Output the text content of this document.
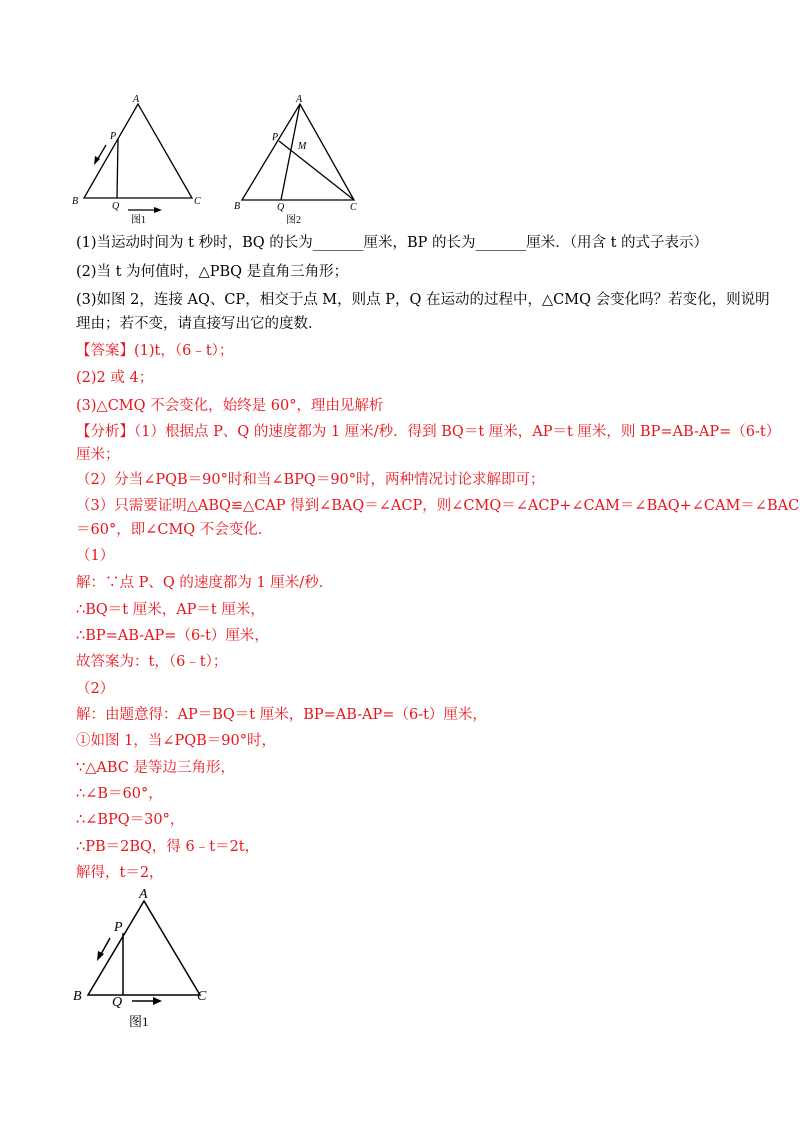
A
P
B	Q	C
图1
A
P
M
B	Q	C
图2
(1)当运动时间为 t 秒时，BQ 的长为_______厘米，BP 的长为_______厘米．（用含 t 的式子表示）
(2)当 t 为何值时，△PBQ 是直角三角形；
(3)如图 2，连接 AQ、CP，相交于点 M，则点 P，Q 在运动的过程中，△CMQ 会变化吗？若变化，则说明
理由；若不变，请直接写出它的度数．
【答案】(1)t，（6﹣t）；
(2)2 或 4；
(3)△CMQ 不会变化，始终是 60°，理由见解析
【分析】（1）根据点 P、Q 的速度都为 1 厘米/秒．得到 BQ＝t 厘米，AP＝t 厘米，则 BP=AB-AP=（6-t）
厘米；
（2）分当∠PQB＝90°时和当∠BPQ＝90°时，两种情况讨论求解即可；
（3）只需要证明△ABQ≌△CAP 得到∠BAQ＝∠ACP，则∠CMQ＝∠ACP+∠CAM＝∠BAQ+∠CAM＝∠BAC
＝60°，即∠CMQ 不会变化．
（1）
解：∵点 P、Q 的速度都为 1 厘米/秒．
∴BQ＝t 厘米，AP＝t 厘米，
∴BP=AB-AP=（6-t）厘米，
故答案为：t，（6﹣t）；
（2）
解：由题意得：AP＝BQ＝t 厘米，BP=AB-AP=（6-t）厘米，
①如图 1，当∠PQB＝90°时，
∵△ABC 是等边三角形，
∴∠B＝60°，
∴∠BPQ＝30°，
∴PB＝2BQ，得 6﹣t＝2t，
解得，t＝2，
A
P
B Q	C
图1
